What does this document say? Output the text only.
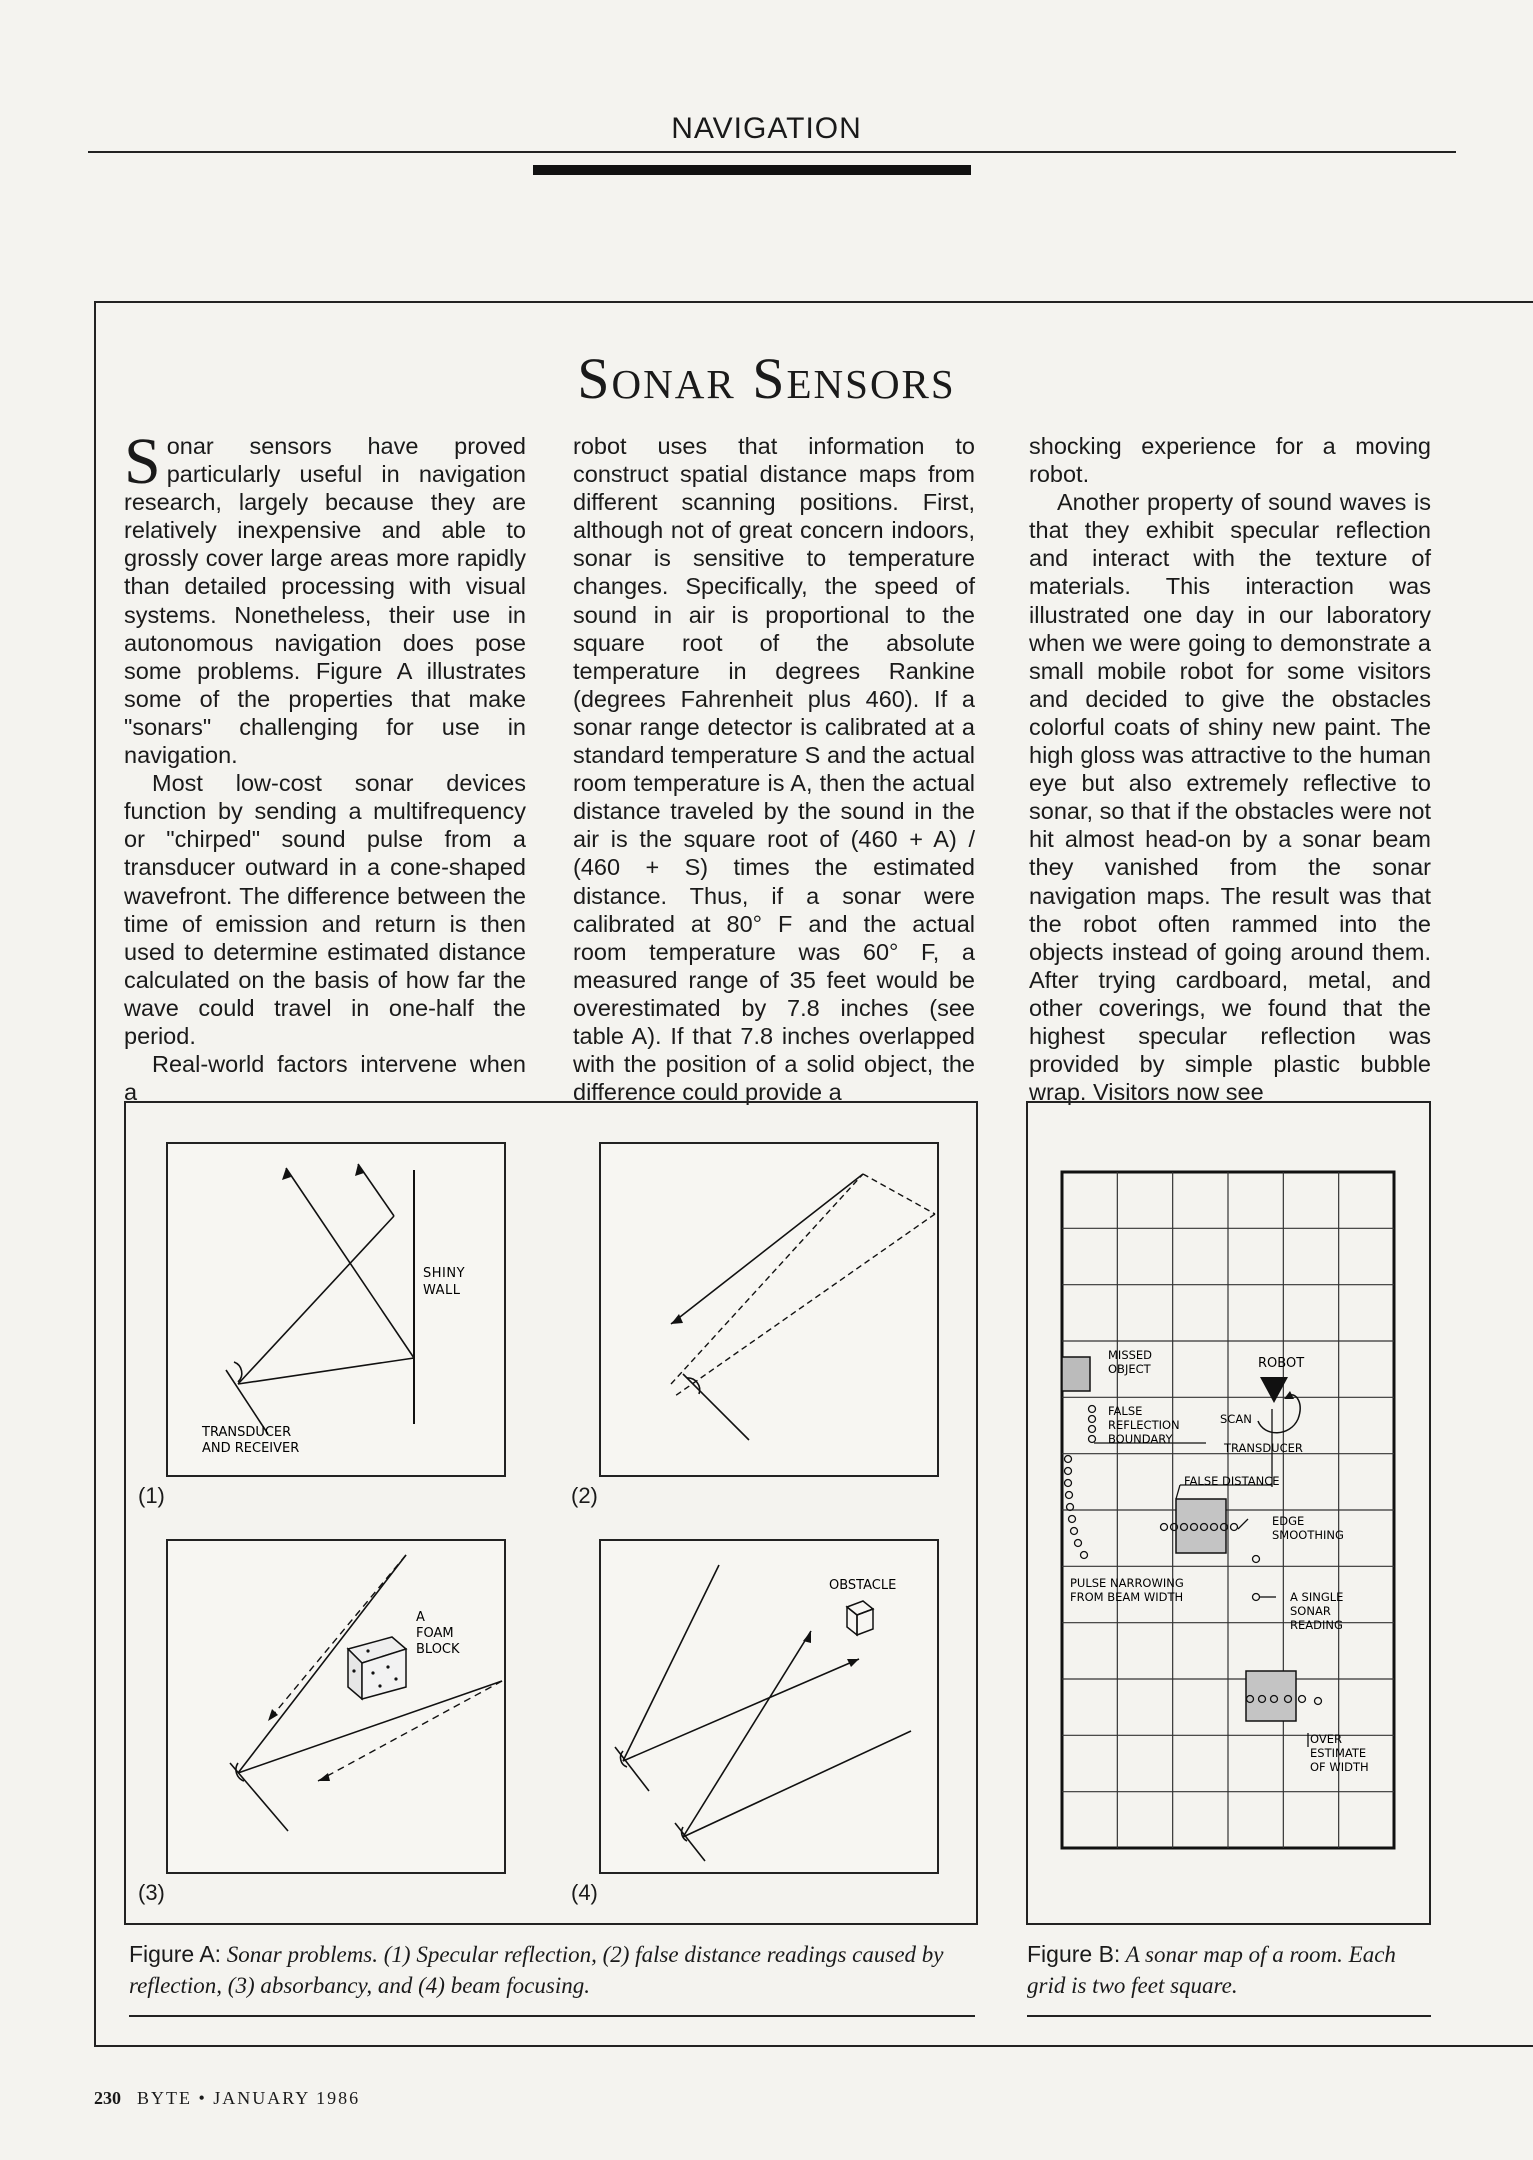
NAVIGATION
Sonar Sensors

Sonar sensors have proved particularly useful in navigation research, largely because they are relatively inexpensive and able to grossly cover large areas more rapidly than detailed processing with visual systems. Nonetheless, their use in autonomous navigation does pose some problems. Figure A illustrates some of the properties that make "sonars" challenging for use in navigation.

Most low-cost sonar devices function by sending a multifrequency or "chirped" sound pulse from a transducer outward in a cone-shaped wavefront. The difference between the time of emission and return is then used to determine estimated distance calculated on the basis of how far the wave could travel in one-half the period.

Real-world factors intervene when a

robot uses that information to construct spatial distance maps from different scanning positions. First, although not of great concern indoors, sonar is sensitive to temperature changes. Specifically, the speed of sound in air is proportional to the square root of the absolute temperature in degrees Rankine (degrees Fahrenheit plus 460). If a sonar range detector is calibrated at a standard temperature S and the actual room temperature is A, then the actual distance traveled by the sound in the air is the square root of (460 + A) / (460 + S) times the estimated distance. Thus, if a sonar were calibrated at 80° F and the actual room temperature was 60° F, a measured range of 35 feet would be overestimated by 7.8 inches (see table A). If that 7.8 inches overlapped with the position of a solid object, the difference could provide a

shocking experience for a moving robot.

Another property of sound waves is that they exhibit specular reflection and interact with the texture of materials. This interaction was illustrated one day in our laboratory when we were going to demonstrate a small mobile robot for some visitors and decided to give the obstacles colorful coats of shiny new paint. The high gloss was attractive to the human eye but also extremely reflective to sonar, so that if the obstacles were not hit almost head-on by a sonar beam they vanished from the sonar navigation maps. The result was that the robot often rammed into the objects instead of going around them. After trying cardboard, metal, and other coverings, we found that the highest specular reflection was provided by simple plastic bubble wrap. Visitors now see

SHINY
WALL
TRANSDUCER
AND RECEIVER
(1)	(2)
A
FOAM
BLOCK
(3)
OBSTACLE
(4)
MISSED
OBJECT	ROBOT
SCAN
FALSE
REFLECTION
BOUNDARY
TRANSDUCER
FALSE DISTANCE
EDGE
SMOOTHING
PULSE NARROWING
FROM BEAM WIDTH	A SINGLE
SONAR
READING
OVER
ESTIMATE
OF WIDTH
Figure A: Sonar problems. (1) Specular reflection, (2) false distance readings caused by reflection, (3) absorbancy, and (4) beam focusing.
Figure B: A sonar map of a room. Each grid is two feet square.
230 BYTE • JANUARY 1986
